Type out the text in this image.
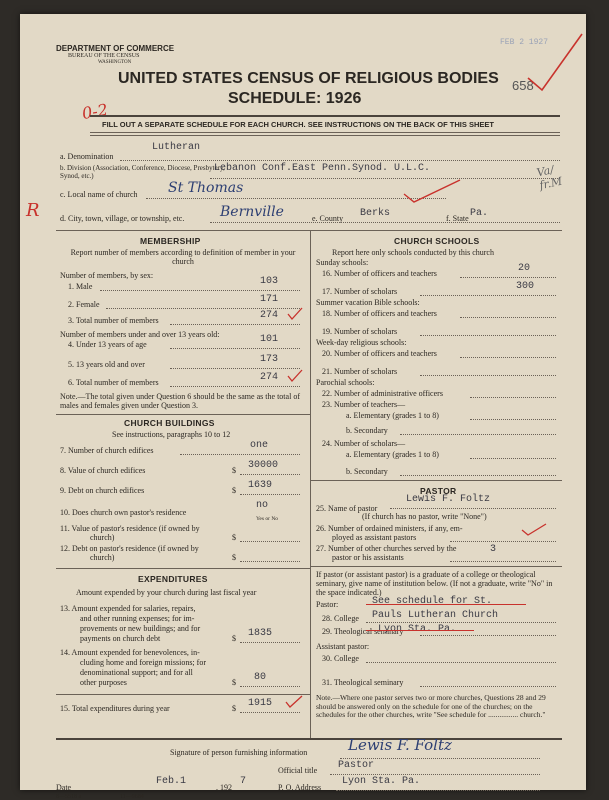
DEPARTMENT OF COMMERCE
BUREAU OF THE CENSUS
WASHINGTON
FEB 2 1927
UNITED STATES CENSUS OF RELIGIOUS BODIES
SCHEDULE: 1926
658
0-2
FILL OUT A SEPARATE SCHEDULE FOR EACH CHURCH. SEE INSTRUCTIONS ON THE BACK OF THIS SHEET
a. Denomination
Lutheran
b. Division (Association, Conference, Diocese, Presbytery, Synod, etc.)
Lebanon Conf.East Penn.Synod. U.L.C.
c. Local name of church St Thomas
Va/
fr.M
R	d. City, town, village, or township, etc.	Bernville	e. County Berks	f. State Pa.
MEMBERSHIP
Report number of members according to definition of member in your church
Number of members, by sex:
1. Male	103
2. Female	171
3. Total number of members	274
Number of members under and over 13 years old:
4. Under 13 years of age	101
5. 13 years old and over	173
6. Total number of members	274
Note.—The total given under Question 6 should be the same as the total of males and females given under Question 3.
CHURCH BUILDINGS
See instructions, paragraphs 10 to 12
7. Number of church edifices	one
8. Value of church edifices	$ 30000
9. Debt on church edifices	$ 1639
10. Does church own pastor's residence
no
Yes or No
11. Value of pastor's residence (if owned by
church)	$
12. Debt on pastor's residence (if owned by
church)	$
EXPENDITURES
Amount expended by your church during last fiscal year
13. Amount expended for salaries, repairs,
and other running expenses; for im-
provements or new buildings; and for
payments on church debt	$ 1835
14. Amount expended for benevolences, in-
cluding home and foreign missions; for
denominational support; and for all
other purposes	$ 80
15. Total expenditures during year	$ 1915
CHURCH SCHOOLS
Report here only schools conducted by this church
Sunday schools:
16. Number of officers and teachers	20
17. Number of scholars	300
Summer vacation Bible schools:
18. Number of officers and teachers
19. Number of scholars
Week-day religious schools:
20. Number of officers and teachers
21. Number of scholars
Parochial schools:
22. Number of administrative officers
23. Number of teachers—
a. Elementary (grades 1 to 8)
b. Secondary
24. Number of scholars—
a. Elementary (grades 1 to 8)
b. Secondary
PASTOR
25. Name of pastor
Lewis F. Foltz
(If church has no pastor, write "None")
26. Number of ordained ministers, if any, em-
ployed as assistant pastors
27. Number of other churches served by the
pastor or his assistants
3
If pastor (or assistant pastor) is a graduate of a college or theological seminary, give name of institution below. (If not a graduate, write "No" in the space indicated.)
Pastor:
28. College
See schedule for St.
Pauls Lutheran Church
29. Theological seminary
Lyon Sta. Pa.
Assistant pastor:
30. College
31. Theological seminary
Note.—Where one pastor serves two or more churches, Questions 28 and 29 should be answered only on the schedule for one of the churches; on the schedules for the other churches, write "See schedule for ................ church."
Signature of person furnishing information	Lewis F. Foltz
Official title Pastor
Date
Feb.1
, 192
7
P. O. Address
Lyon Sta. Pa.
8—5518 a	11—9684
